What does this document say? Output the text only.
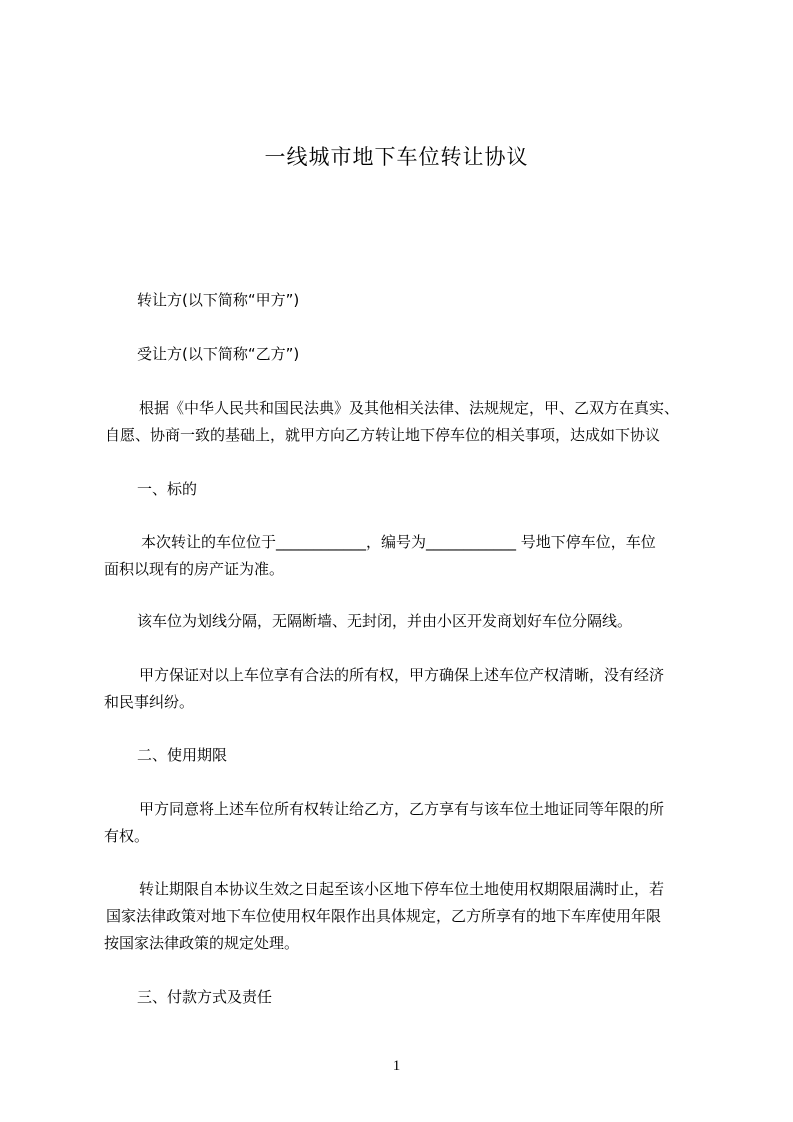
一线城市地下车位转让协议
转让方(以下简称“甲方”)
受让方(以下简称“乙方”)
根据《中华人民共和国民法典》及其他相关法律、法规规定，甲、乙双方在真实、
自愿、协商一致的基础上，就甲方向乙方转让地下停车位的相关事项，达成如下协议
一、标的
本次转让的车位位于____________，编号为____________ 号地下停车位，车位
面积以现有的房产证为准。
该车位为划线分隔，无隔断墙、无封闭，并由小区开发商划好车位分隔线。
甲方保证对以上车位享有合法的所有权，甲方确保上述车位产权清晰，没有经济
和民事纠纷。
二、使用期限
甲方同意将上述车位所有权转让给乙方，乙方享有与该车位土地证同等年限的所
有权。
转让期限自本协议生效之日起至该小区地下停车位土地使用权期限届满时止，若
国家法律政策对地下车位使用权年限作出具体规定，乙方所享有的地下车库使用年限
按国家法律政策的规定处理。
三、付款方式及责任
1
